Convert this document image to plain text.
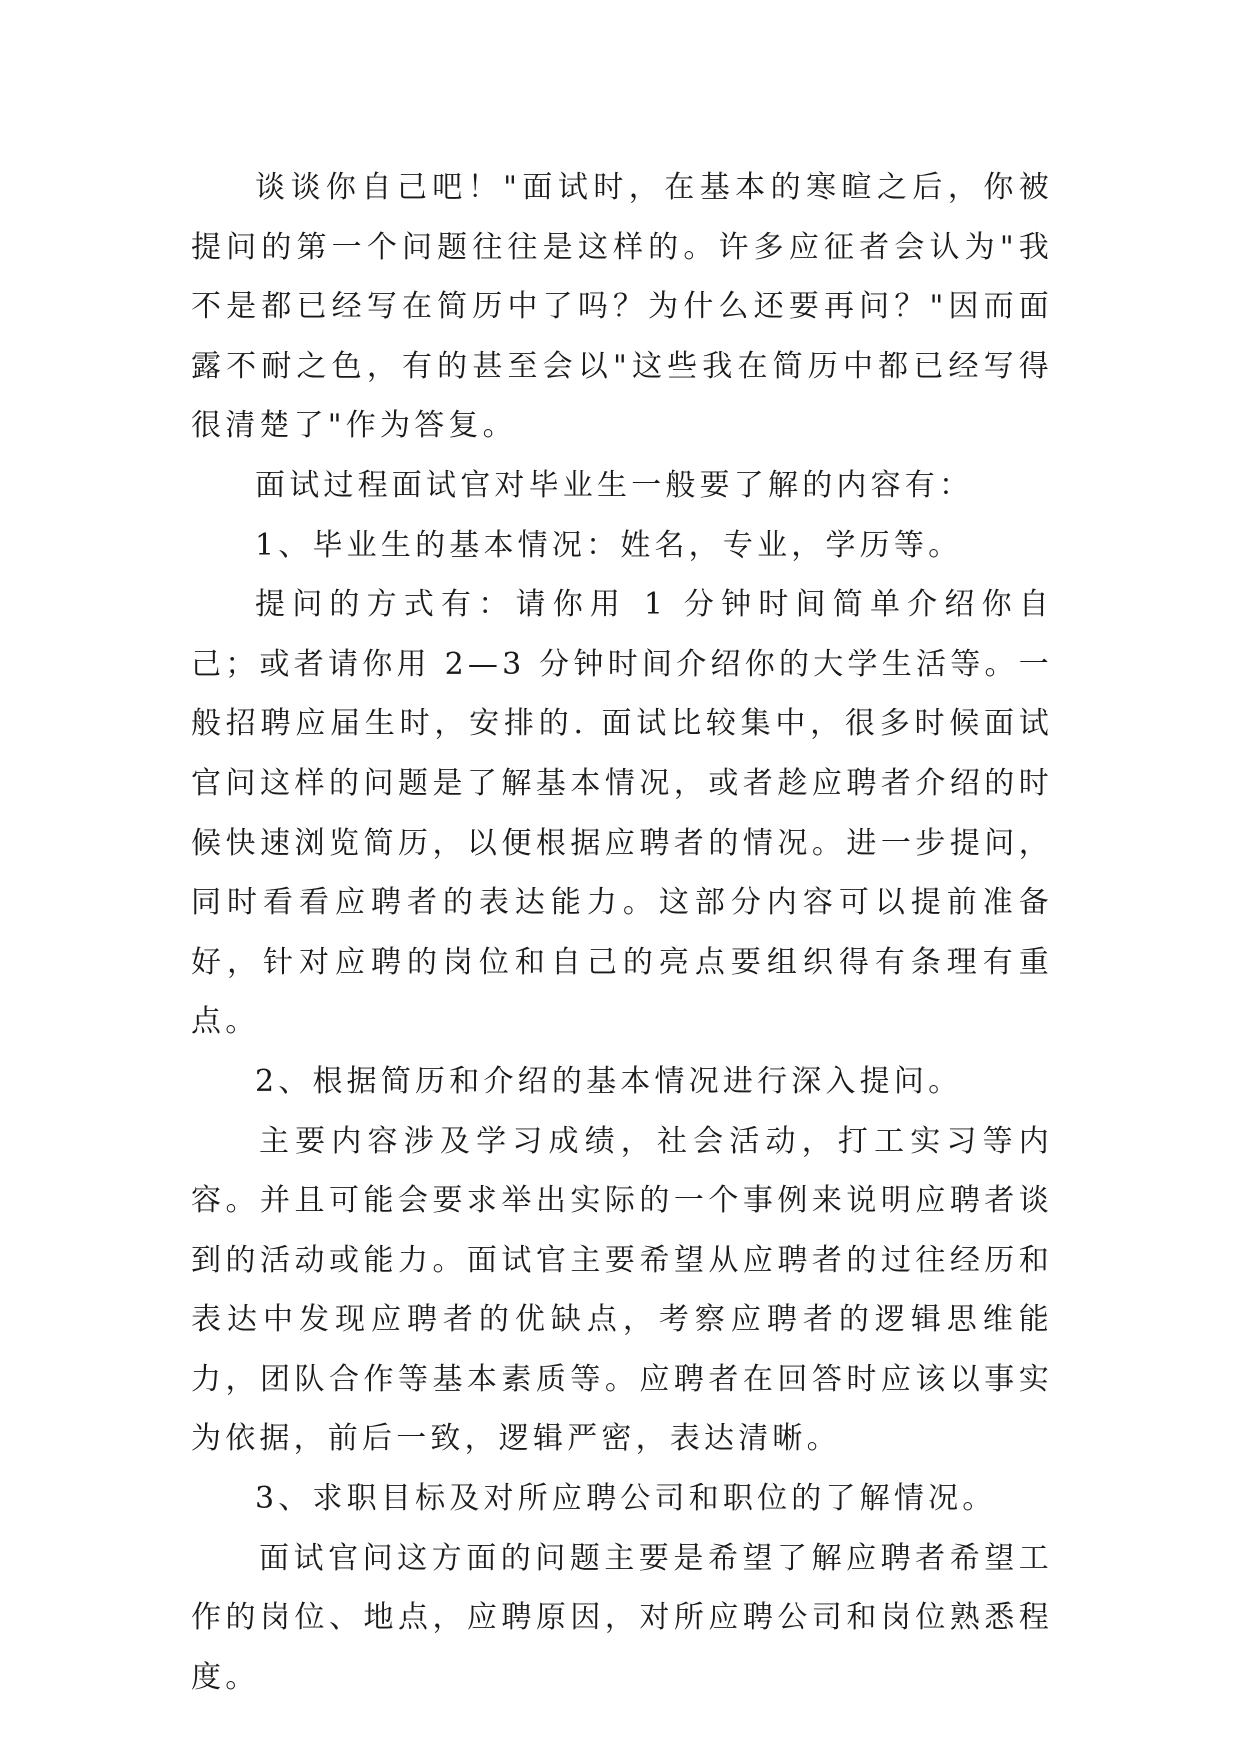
谈谈你自己吧！"面试时，在基本的寒暄之后，你被提问的第一个问题往往是这样的。许多应征者会认为"我不是都已经写在简历中了吗？为什么还要再问？"因而面露不耐之色，有的甚至会以"这些我在简历中都已经写得很清楚了"作为答复。

面试过程面试官对毕业生一般要了解的内容有：

1、毕业生的基本情况：姓名，专业，学历等。

提问的方式有：请你用 1 分钟时间简单介绍你自己；或者请你用 2—3 分钟时间介绍你的大学生活等。一般招聘应届生时，安排的. 面试比较集中，很多时候面试官问这样的问题是了解基本情况，或者趁应聘者介绍的时候快速浏览简历，以便根据应聘者的情况。进一步提问，同时看看应聘者的表达能力。这部分内容可以提前准备好，针对应聘的岗位和自己的亮点要组织得有条理有重点。

2、根据简历和介绍的基本情况进行深入提问。

主要内容涉及学习成绩，社会活动，打工实习等内容。并且可能会要求举出实际的一个事例来说明应聘者谈到的活动或能力。面试官主要希望从应聘者的过往经历和表达中发现应聘者的优缺点，考察应聘者的逻辑思维能力，团队合作等基本素质等。应聘者在回答时应该以事实为依据，前后一致，逻辑严密，表达清晰。

3、求职目标及对所应聘公司和职位的了解情况。

面试官问这方面的问题主要是希望了解应聘者希望工作的岗位、地点，应聘原因，对所应聘公司和岗位熟悉程度。
